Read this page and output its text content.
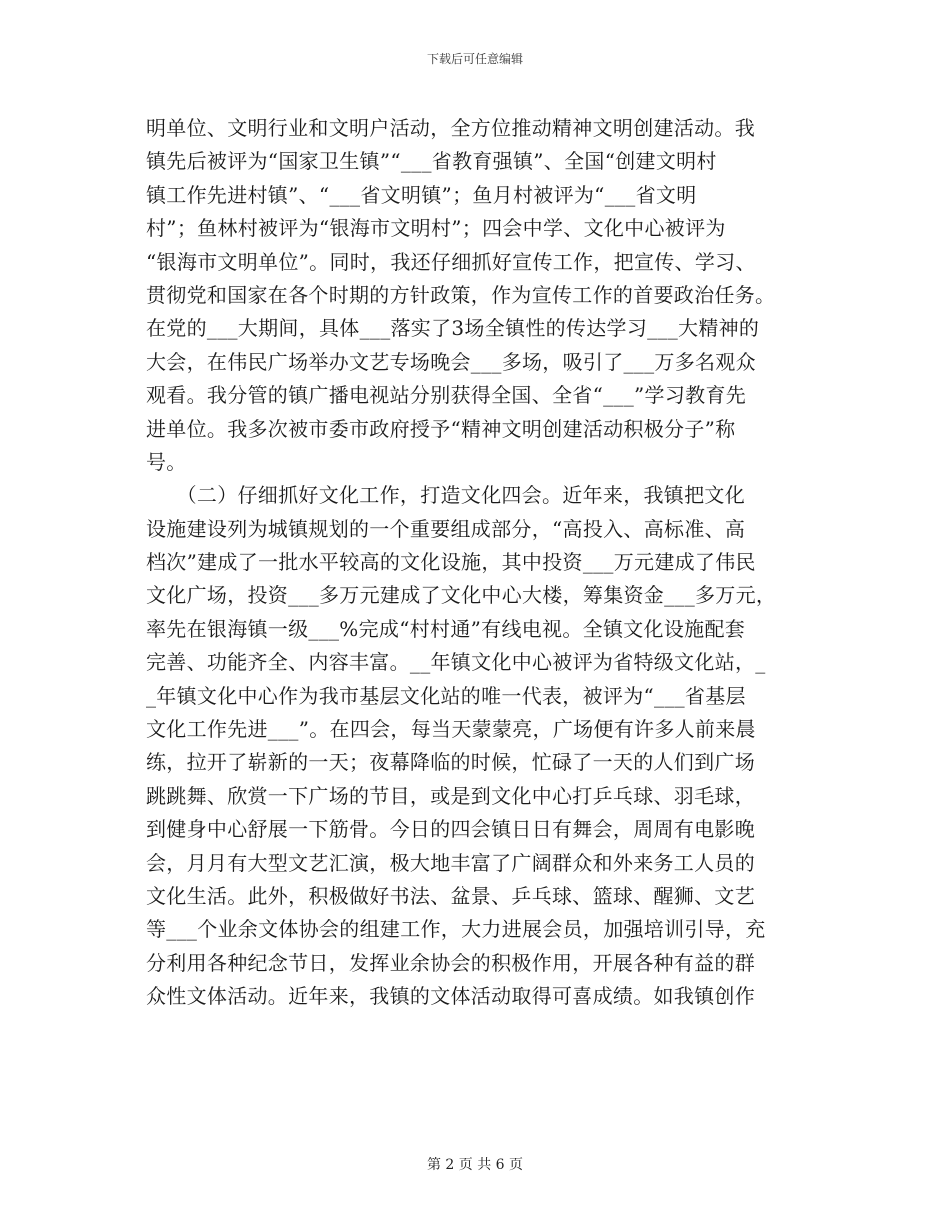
下载后可任意编辑
明单位、文明行业和文明户活动，全方位推动精神文明创建活动。我
镇先后被评为“国家卫生镇”“___省教育强镇”、全国“创建文明村
镇工作先进村镇”、“___省文明镇”；鱼月村被评为“___省文明
村”；鱼林村被评为“银海市文明村”；四会中学、文化中心被评为
“银海市文明单位”。同时，我还仔细抓好宣传工作，把宣传、学习、
贯彻党和国家在各个时期的方针政策，作为宣传工作的首要政治任务。
在党的___大期间，具体___落实了3场全镇性的传达学习___大精神的
大会，在伟民广场举办文艺专场晚会___多场，吸引了___万多名观众
观看。我分管的镇广播电视站分别获得全国、全省“___”学习教育先
进单位。我多次被市委市政府授予“精神文明创建活动积极分子”称
号。
　　（二）仔细抓好文化工作，打造文化四会。近年来，我镇把文化
设施建设列为城镇规划的一个重要组成部分，“高投入、高标准、高
档次”建成了一批水平较高的文化设施，其中投资___万元建成了伟民
文化广场，投资___多万元建成了文化中心大楼，筹集资金___多万元，
率先在银海镇一级___%完成“村村通”有线电视。全镇文化设施配套
完善、功能齐全、内容丰富。__年镇文化中心被评为省特级文化站，_
_年镇文化中心作为我市基层文化站的唯一代表，被评为“___省基层
文化工作先进___”。在四会，每当天蒙蒙亮，广场便有许多人前来晨
练，拉开了崭新的一天；夜幕降临的时候，忙碌了一天的人们到广场
跳跳舞、欣赏一下广场的节目，或是到文化中心打乒乓球、羽毛球，
到健身中心舒展一下筋骨。今日的四会镇日日有舞会，周周有电影晚
会，月月有大型文艺汇演，极大地丰富了广阔群众和外来务工人员的
文化生活。此外，积极做好书法、盆景、乒乓球、篮球、醒狮、文艺
等___个业余文体协会的组建工作，大力进展会员，加强培训引导，充
分利用各种纪念节日，发挥业余协会的积极作用，开展各种有益的群
众性文体活动。近年来，我镇的文体活动取得可喜成绩。如我镇创作
第 2 页 共 6 页
